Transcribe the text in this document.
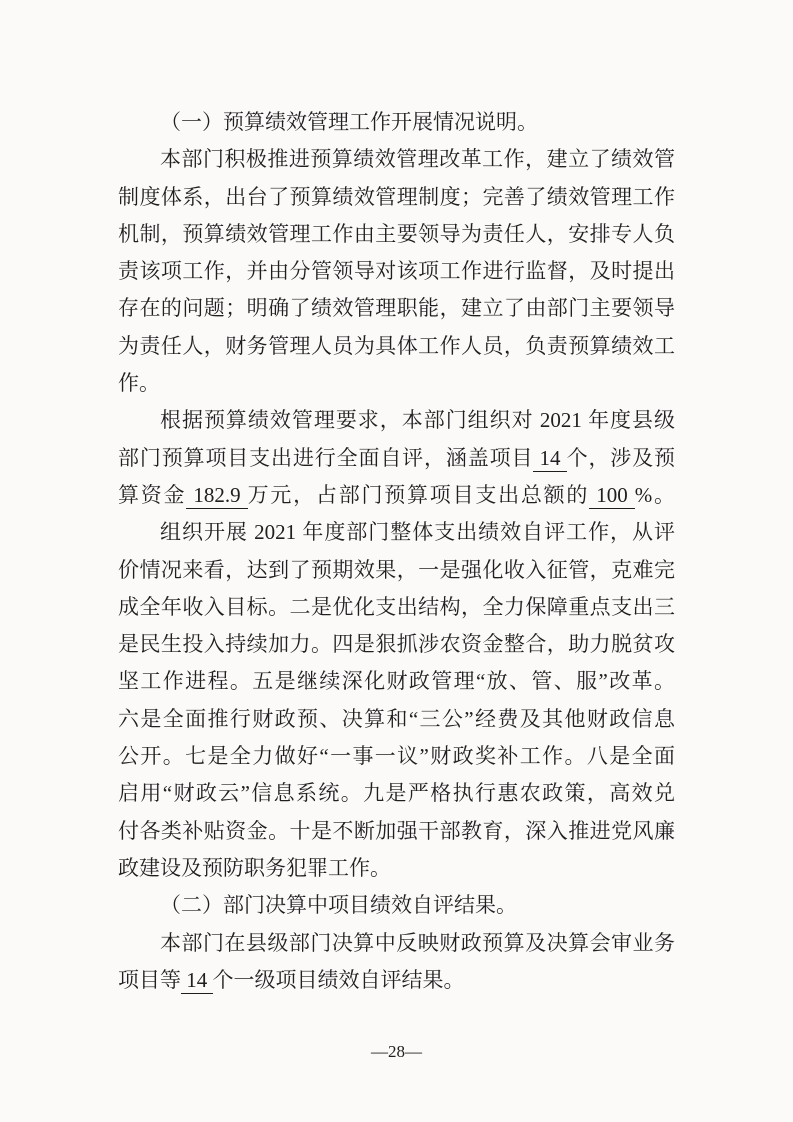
（一）预算绩效管理工作开展情况说明。
本部门积极推进预算绩效管理改革工作，建立了绩效管
制度体系，出台了预算绩效管理制度；完善了绩效管理工作
机制，预算绩效管理工作由主要领导为责任人，安排专人负
责该项工作，并由分管领导对该项工作进行监督，及时提出
存在的问题；明确了绩效管理职能，建立了由部门主要领导
为责任人，财务管理人员为具体工作人员，负责预算绩效工
作。
根据预算绩效管理要求，本部门组织对 2021 年度县级
部门预算项目支出进行全面自评，涵盖项目 14 个，涉及预
算资金 182.9 万元，占部门预算项目支出总额的 100 %。
组织开展 2021 年度部门整体支出绩效自评工作，从评
价情况来看，达到了预期效果，一是强化收入征管，克难完
成全年收入目标。二是优化支出结构，全力保障重点支出三
是民生投入持续加力。四是狠抓涉农资金整合，助力脱贫攻
坚工作进程。五是继续深化财政管理“放、管、服”改革。
六是全面推行财政预、决算和“三公”经费及其他财政信息
公开。七是全力做好“一事一议”财政奖补工作。八是全面
启用“财政云”信息系统。九是严格执行惠农政策，高效兑
付各类补贴资金。十是不断加强干部教育，深入推进党风廉
政建设及预防职务犯罪工作。
（二）部门决算中项目绩效自评结果。
本部门在县级部门决算中反映财政预算及决算会审业务
项目等 14 个一级项目绩效自评结果。
—28—
